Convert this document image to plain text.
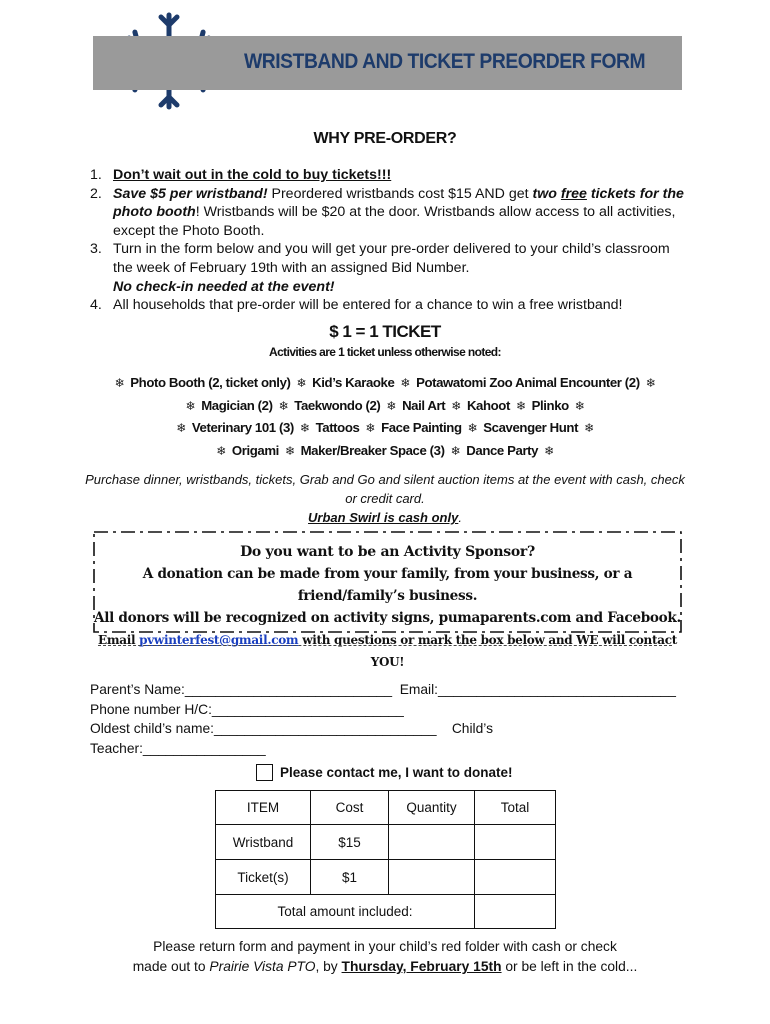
WRISTBAND AND TICKET PREORDER FORM
WHY PRE-ORDER?
1. Don’t wait out in the cold to buy tickets!!!
2. Save $5 per wristband! Preordered wristbands cost $15 AND get two free tickets for the photo booth! Wristbands will be $20 at the door. Wristbands allow access to all activities, except the Photo Booth.
3. Turn in the form below and you will get your pre-order delivered to your child’s classroom the week of February 19th with an assigned Bid Number.
No check-in needed at the event!
4. All households that pre-order will be entered for a chance to win a free wristband!
$ 1 = 1 TICKET
Activities are 1 ticket unless otherwise noted:
❄ Photo Booth (2, ticket only) ❄ Kid’s Karaoke ❄ Potawatomi Zoo Animal Encounter (2) ❄
❄ Magician (2) ❄ Taekwondo (2) ❄ Nail Art ❄ Kahoot ❄ Plinko ❄
❄ Veterinary 101 (3) ❄ Tattoos ❄ Face Painting ❄ Scavenger Hunt ❄
❄ Origami ❄ Maker/Breaker Space (3) ❄ Dance Party ❄
Purchase dinner, wristbands, tickets, Grab and Go and silent auction items at the event with cash, check or credit card.
Urban Swirl is cash only.
Do you want to be an Activity Sponsor?
A donation can be made from your family, from your business, or a friend/family’s business.
All donors will be recognized on activity signs, pumaparents.com and Facebook.
Email pvwinterfest@gmail.com with questions or mark the box below and WE will contact YOU!
Parent’s Name:___________________________ Email:_______________________________
Phone number H/C:_________________________
Oldest child’s name:_____________________________ Child’s
Teacher:________________
Please contact me, I want to donate!
ITEM	Cost	Quantity	Total
Wristband	$15		
Ticket(s)	$1		
Total amount included:			
Please return form and payment in your child’s red folder with cash or check
made out to Prairie Vista PTO, by Thursday, February 15th or be left in the cold...
